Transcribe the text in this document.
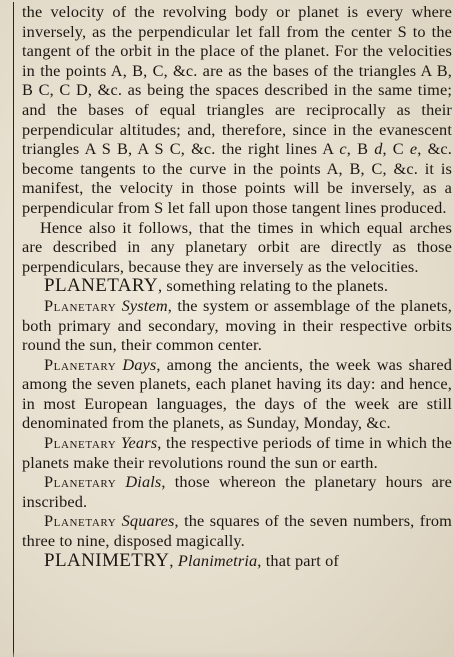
the velocity of the revolving body or planet is every where inversely, as the perpendicular let fall from the center S to the tangent of the orbit in the place of the planet. For the velocities in the points A, B, C, &c. are as the bases of the triangles A B, B C, C D, &c. as being the spaces described in the same time; and the bases of equal triangles are reciprocally as their perpendicular altitudes; and, therefore, since in the evanescent triangles A S B, A S C, &c. the right lines A c, B d, C e, &c. become tangents to the curve in the points A, B, C, &c. it is manifest, the velocity in those points will be inversely, as a perpendicular from S let fall upon those tangent lines produced.

Hence also it follows, that the times in which equal arches are described in any planetary orbit are directly as those perpendiculars, because they are inversely as the velocities.

PLANETARY, something relating to the planets.

Planetary System, the system or assemblage of the planets, both primary and secondary, moving in their respective orbits round the sun, their common center.

Planetary Days, among the ancients, the week was shared among the seven planets, each planet having its day: and hence, in most European languages, the days of the week are still denominated from the planets, as Sunday, Monday, &c.

Planetary Years, the respective periods of time in which the planets make their revolutions round the sun or earth.

Planetary Dials, those whereon the planetary hours are inscribed.

Planetary Squares, the squares of the seven numbers, from three to nine, disposed magically.

PLANIMETRY, Planimetria, that part of
